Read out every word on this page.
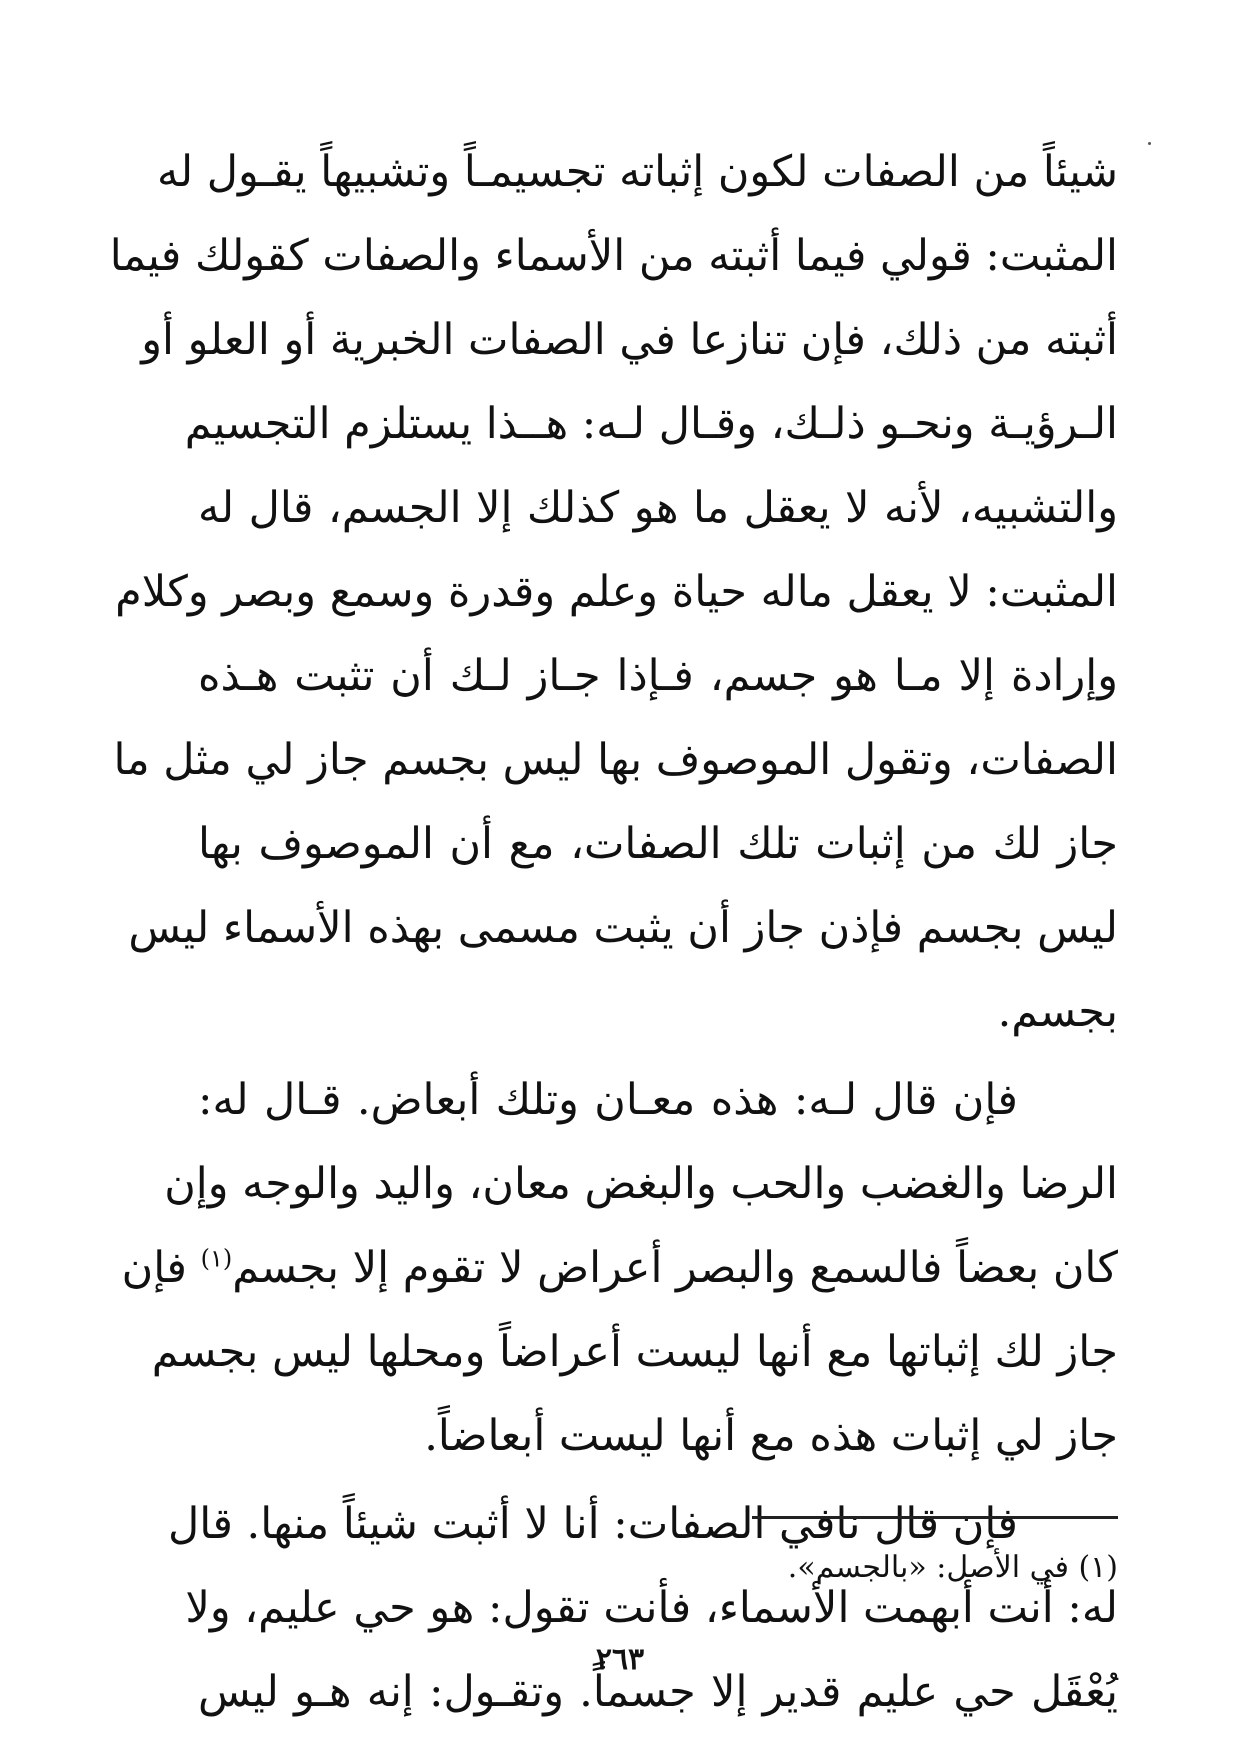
شيئاً من الصفات لكون إثباته تجسيمـاً وتشبيهاً يقـول له
المثبت: قولي فيما أثبته من الأسماء والصفات كقولك فيما
أثبته من ذلك، فإن تنازعا في الصفات الخبرية أو العلو أو
الـرؤيـة ونحـو ذلـك، وقـال لـه: هــذا يستلزم التجسيم
والتشبيه، لأنه لا يعقل ما هو كذلك إلا الجسم، قال له
المثبت: لا يعقل ماله حياة وعلم وقدرة وسمع وبصر وكلام
وإرادة إلا مـا هو جسم، فـإذا جـاز لـك أن تثبت هـذه
الصفات، وتقول الموصوف بها ليس بجسم جاز لي مثل ما
جاز لك من إثبات تلك الصفات، مع أن الموصوف بها
ليس بجسم فإذن جاز أن يثبت مسمى بهذه الأسماء ليس
بجسم.
فإن قال لـه: هذه معـان وتلك أبعاض. قـال له:
الرضا والغضب والحب والبغض معان، واليد والوجه وإن
كان بعضاً فالسمع والبصر أعراض لا تقوم إلا بجسم$^{(١)}$ فإن
جاز لك إثباتها مع أنها ليست أعراضاً ومحلها ليس بجسم
جاز لي إثبات هذه مع أنها ليست أبعاضاً.
فإن قال نافي الصفات: أنا لا أثبت شيئاً منها. قال
له: أنت أبهمت الأسماء، فأنت تقول: هو حي عليم، ولا
يُعْقَل حي عليم قدير إلا جسماً. وتقـول: إنه هـو ليس
(١) في الأصل: «بالجسم».
٢٦٣
